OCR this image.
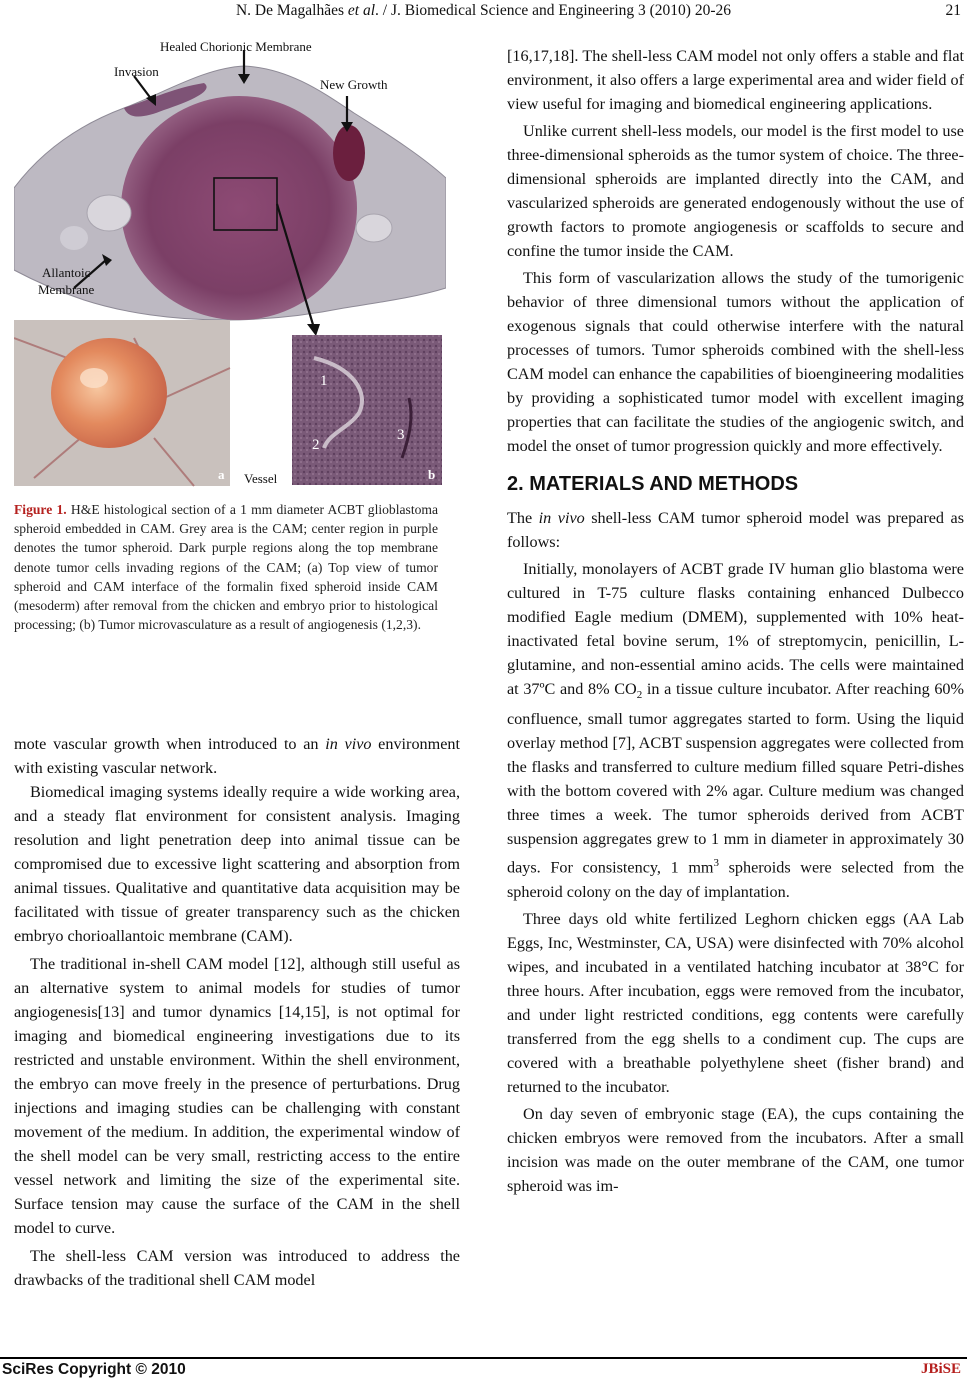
N. De Magalhães et al. / J. Biomedical Science and Engineering 3 (2010) 20-26	21
Healed Chorionic Membrane
Invasion
New Growth
Allantoic
Membrane
Vessel
a	b
1
2
3
Figure 1. H&E histological section of a 1 mm diameter ACBT glioblastoma spheroid embedded in CAM. Grey area is the CAM; center region in purple denotes the tumor spheroid. Dark purple regions along the top membrane denote tumor cells invading regions of the CAM; (a) Top view of tumor spheroid and CAM interface of the formalin fixed spheroid inside CAM (mesoderm) after removal from the chicken and embryo prior to histological processing; (b) Tumor microvasculature as a result of angiogenesis (1,2,3).

mote vascular growth when introduced to an in vivo environment with existing vascular network.

Biomedical imaging systems ideally require a wide working area, and a steady flat environment for consistent analysis. Imaging resolution and light penetration deep into animal tissue can be compromised due to excessive light scattering and absorption from animal tissues. Qualitative and quantitative data acquisition may be facilitated with tissue of greater transparency such as the chicken embryo chorioallantoic membrane (CAM).

The traditional in-shell CAM model [12], although still useful as an alternative system to animal models for studies of tumor angiogenesis[13] and tumor dynamics [14,15], is not optimal for imaging and biomedical engineering investigations due to its restricted and unstable environment. Within the shell environment, the embryo can move freely in the presence of perturbations. Drug injections and imaging studies can be challenging with constant movement of the medium. In addition, the experimental window of the shell model can be very small, restricting access to the entire vessel network and limiting the size of the experimental site. Surface tension may cause the surface of the CAM in the shell model to curve.

The shell-less CAM version was introduced to address the drawbacks of the traditional shell CAM model

[16,17,18]. The shell-less CAM model not only offers a stable and flat environment, it also offers a large experimental area and wider field of view useful for imaging and biomedical engineering applications.

Unlike current shell-less models, our model is the first model to use three-dimensional spheroids as the tumor system of choice. The three-dimensional spheroids are implanted directly into the CAM, and vascularized spheroids are generated endogenously without the use of growth factors to promote angiogenesis or scaffolds to secure and confine the tumor inside the CAM.

This form of vascularization allows the study of the tumorigenic behavior of three dimensional tumors without the application of exogenous signals that could otherwise interfere with the natural processes of tumors. Tumor spheroids combined with the shell-less CAM model can enhance the capabilities of bioengineering modalities by providing a sophisticated tumor model with excellent imaging properties that can facilitate the studies of the angiogenic switch, and model the onset of tumor progression quickly and more effectively.

2. MATERIALS AND METHODS

The in vivo shell-less CAM tumor spheroid model was prepared as follows:

Initially, monolayers of ACBT grade IV human glio blastoma were cultured in T-75 culture flasks containing enhanced Dulbecco modified Eagle medium (DMEM), supplemented with 10% heat-inactivated fetal bovine serum, 1% of streptomycin, penicillin, L-glutamine, and non-essential amino acids. The cells were maintained at 37ºC and 8% $CO_2$ in a tissue culture incubator. After reaching 60% confluence, small tumor aggregates started to form. Using the liquid overlay method [7], ACBT suspension aggregates were collected from the flasks and transferred to culture medium filled square Petri-dishes with the bottom covered with 2% agar. Culture medium was changed three times a week. The tumor spheroids derived from ACBT suspension aggregates grew to 1 mm in diameter in approximately 30 days. For consistency, 1 $mm^3$ spheroids were selected from the spheroid colony on the day of implantation.

Three days old white fertilized Leghorn chicken eggs (AA Lab Eggs, Inc, Westminster, CA, USA) were disinfected with 70% alcohol wipes, and incubated in a ventilated hatching incubator at 38°C for three hours. After incubation, eggs were removed from the incubator, and under light restricted conditions, egg contents were carefully transferred from the egg shells to a condiment cup. The cups are covered with a breathable polyethylene sheet (fisher brand) and returned to the incubator.

On day seven of embryonic stage (EA), the cups containing the chicken embryos were removed from the incubators. After a small incision was made on the outer membrane of the CAM, one tumor spheroid was im-

SciRes Copyright © 2010	JBiSE
